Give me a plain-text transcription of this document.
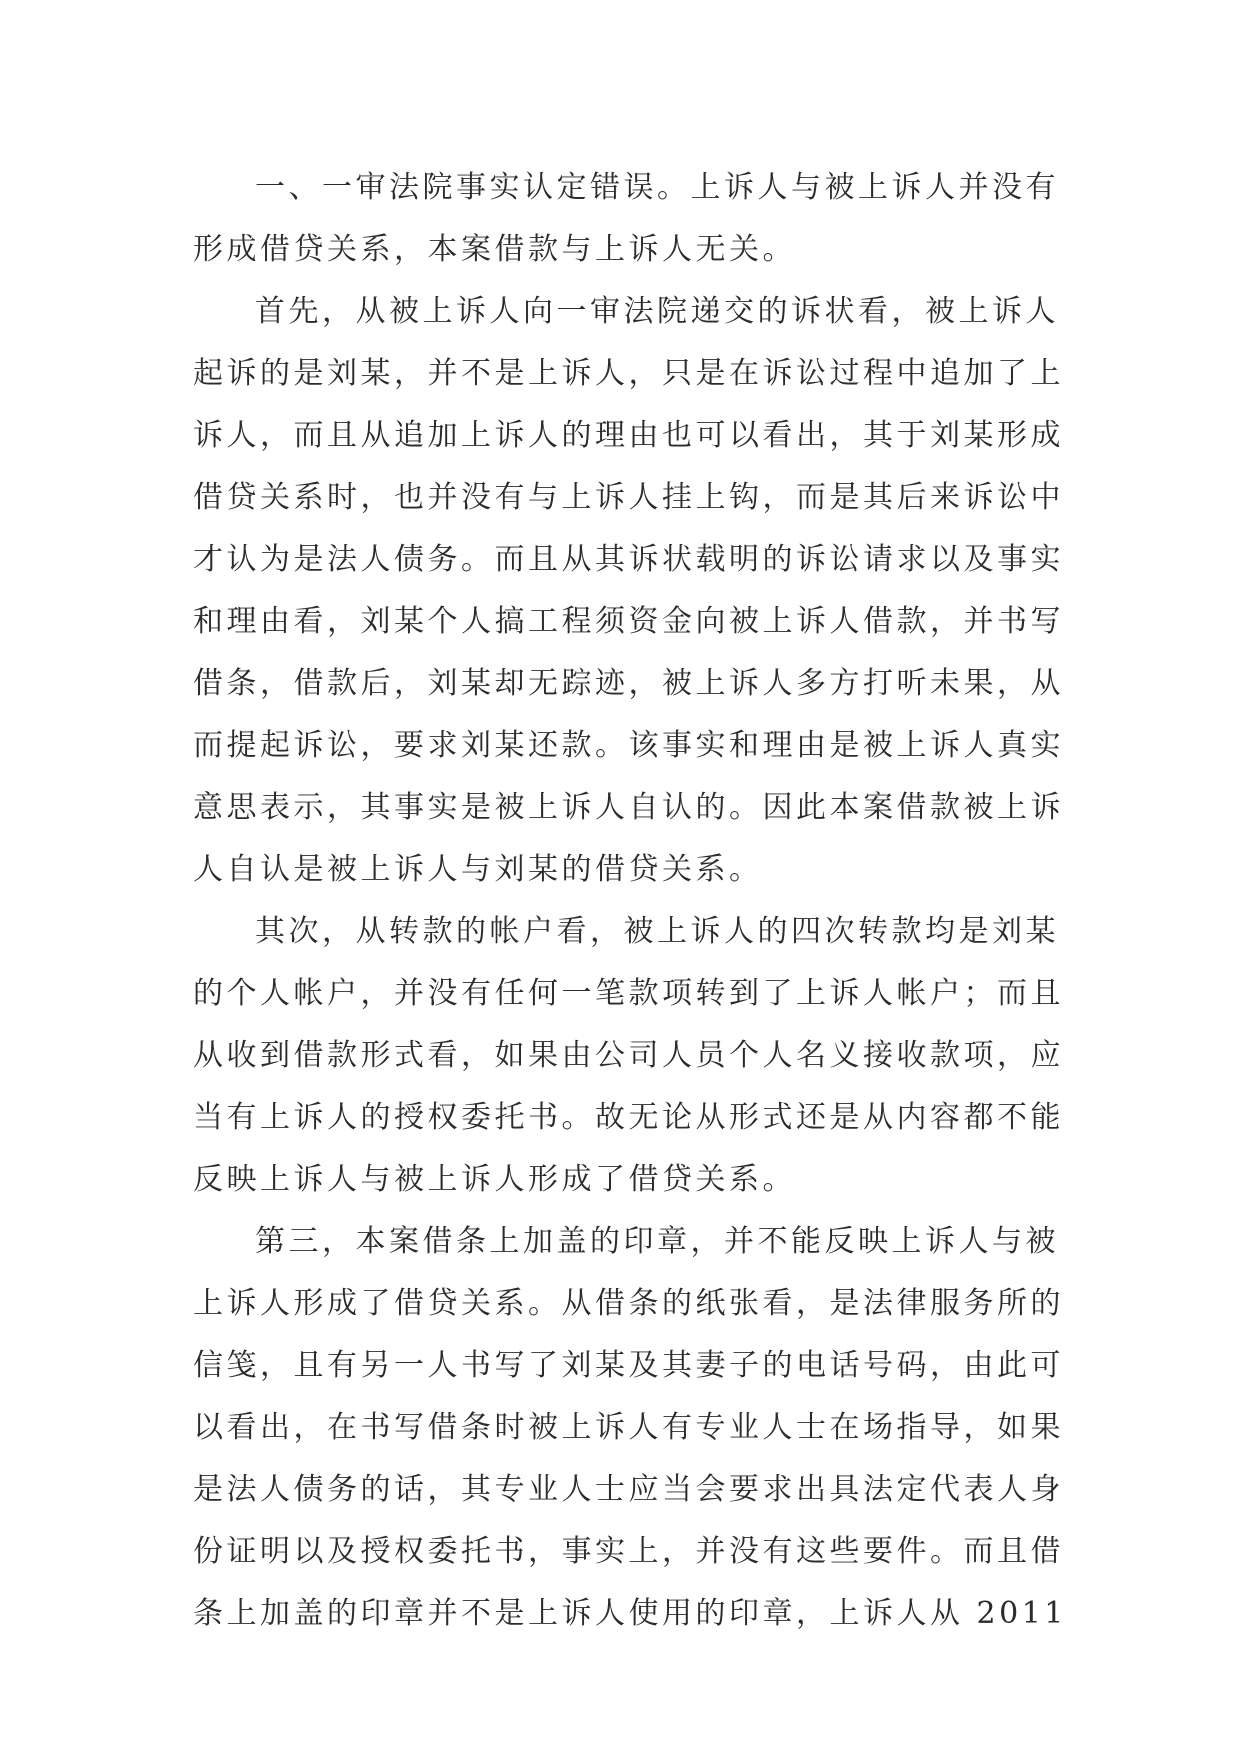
一、一审法院事实认定错误。上诉人与被上诉人并没有
形成借贷关系，本案借款与上诉人无关。

首先，从被上诉人向一审法院递交的诉状看，被上诉人
起诉的是刘某，并不是上诉人，只是在诉讼过程中追加了上
诉人，而且从追加上诉人的理由也可以看出，其于刘某形成
借贷关系时，也并没有与上诉人挂上钩，而是其后来诉讼中
才认为是法人债务。而且从其诉状载明的诉讼请求以及事实
和理由看，刘某个人搞工程须资金向被上诉人借款，并书写
借条，借款后，刘某却无踪迹，被上诉人多方打听未果，从
而提起诉讼，要求刘某还款。该事实和理由是被上诉人真实
意思表示，其事实是被上诉人自认的。因此本案借款被上诉
人自认是被上诉人与刘某的借贷关系。

其次，从转款的帐户看，被上诉人的四次转款均是刘某
的个人帐户，并没有任何一笔款项转到了上诉人帐户；而且
从收到借款形式看，如果由公司人员个人名义接收款项，应
当有上诉人的授权委托书。故无论从形式还是从内容都不能
反映上诉人与被上诉人形成了借贷关系。

第三，本案借条上加盖的印章，并不能反映上诉人与被
上诉人形成了借贷关系。从借条的纸张看，是法律服务所的
信笺，且有另一人书写了刘某及其妻子的电话号码，由此可
以看出，在书写借条时被上诉人有专业人士在场指导，如果
是法人债务的话，其专业人士应当会要求出具法定代表人身
份证明以及授权委托书，事实上，并没有这些要件。而且借
条上加盖的印章并不是上诉人使用的印章，上诉人从 2011
